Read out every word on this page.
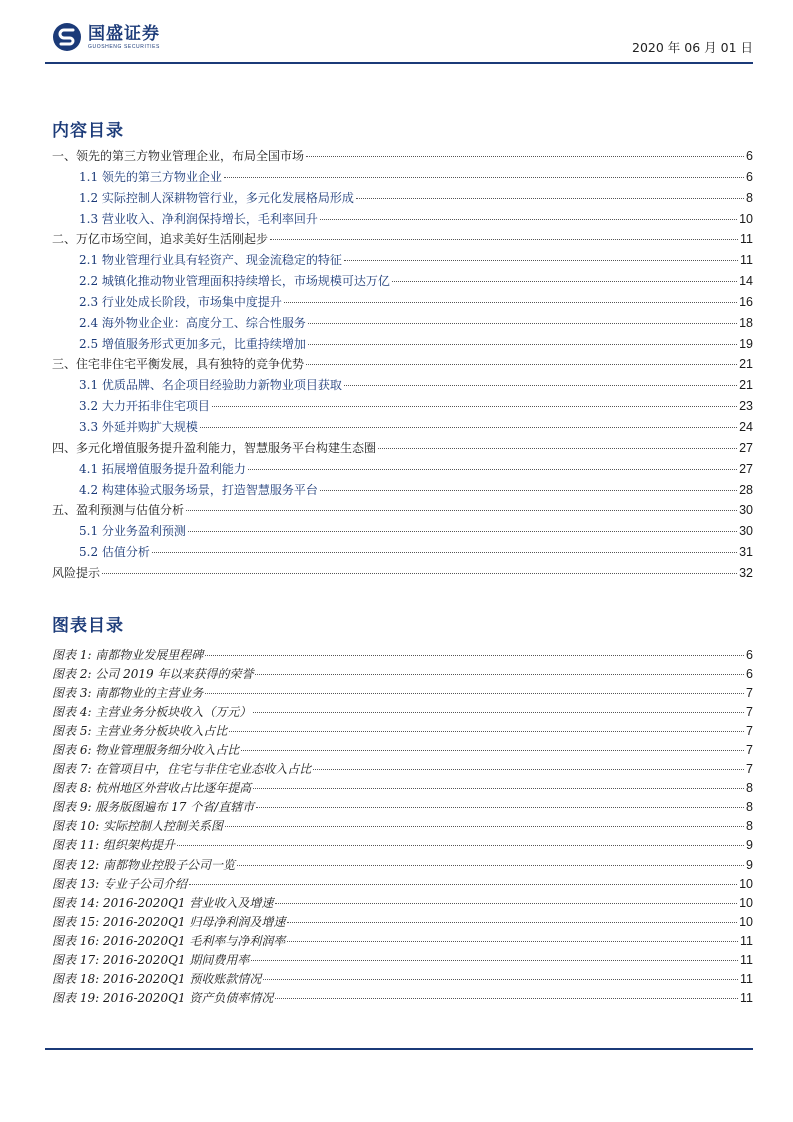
国盛证券
GUOSHENG SECURITIES	2020 年 06 月 01 日
内容目录
一、领先的第三方物业管理企业，布局全国市场	6
1.1 领先的第三方物业企业	6
1.2 实际控制人深耕物管行业，多元化发展格局形成	8
1.3 营业收入、净利润保持增长，毛利率回升	10
二、万亿市场空间，追求美好生活刚起步	11
2.1 物业管理行业具有轻资产、现金流稳定的特征	11
2.2 城镇化推动物业管理面积持续增长，市场规模可达万亿	14
2.3 行业处成长阶段，市场集中度提升	16
2.4 海外物业企业：高度分工、综合性服务	18
2.5 增值服务形式更加多元，比重持续增加	19
三、住宅非住宅平衡发展，具有独特的竞争优势	21
3.1 优质品牌、名企项目经验助力新物业项目获取	21
3.2 大力开拓非住宅项目	23
3.3 外延并购扩大规模	24
四、多元化增值服务提升盈利能力，智慧服务平台构建生态圈	27
4.1 拓展增值服务提升盈利能力	27
4.2 构建体验式服务场景，打造智慧服务平台	28
五、盈利预测与估值分析	30
5.1 分业务盈利预测	30
5.2 估值分析	31
风险提示	32
图表目录
图表 1: 南都物业发展里程碑	6
图表 2: 公司 2019 年以来获得的荣誉	6
图表 3: 南都物业的主营业务	7
图表 4: 主营业务分板块收入（万元）	7
图表 5: 主营业务分板块收入占比	7
图表 6: 物业管理服务细分收入占比	7
图表 7: 在管项目中，住宅与非住宅业态收入占比	7
图表 8: 杭州地区外营收占比逐年提高	8
图表 9: 服务版图遍布 17 个省/直辖市	8
图表 10: 实际控制人控制关系图	8
图表 11: 组织架构提升	9
图表 12: 南都物业控股子公司一览	9
图表 13: 专业子公司介绍	10
图表 14: 2016-2020Q1 营业收入及增速	10
图表 15: 2016-2020Q1 归母净利润及增速	10
图表 16: 2016-2020Q1 毛利率与净利润率	11
图表 17: 2016-2020Q1 期间费用率	11
图表 18: 2016-2020Q1 预收账款情况	11
图表 19: 2016-2020Q1 资产负债率情况	11
